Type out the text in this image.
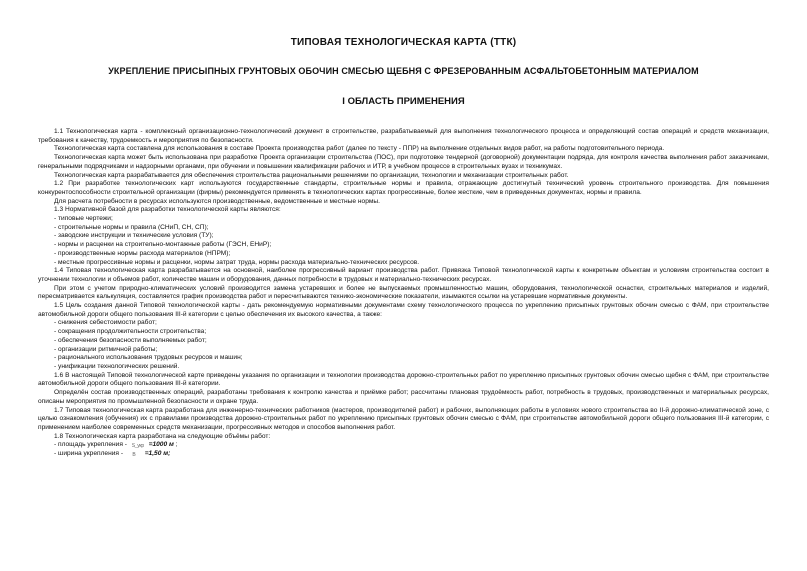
ТИПОВАЯ ТЕХНОЛОГИЧЕСКАЯ КАРТА (ТТК)
УКРЕПЛЕНИЕ ПРИСЫПНЫХ ГРУНТОВЫХ ОБОЧИН СМЕСЬЮ ЩЕБНЯ С ФРЕЗЕРОВАННЫМ АСФАЛЬТОБЕТОННЫМ МАТЕРИАЛОМ
I ОБЛАСТЬ ПРИМЕНЕНИЯ

1.1 Технологическая карта - комплексный организационно-технологический документ в строительстве, разрабатываемый для выполнения технологического процесса и определяющий состав операций и средств механизации, требования к качеству, трудоемкость и мероприятия по безопасности.

Технологическая карта составлена для использования в составе Проекта производства работ (далее по тексту - ППР) на выполнение отдельных видов работ, на работы подготовительного периода.

Технологическая карта может быть использована при разработке Проекта организации строительства (ПОС), при подготовке тендерной (договорной) документации подряда, для контроля качества выполнения работ заказчиками, генеральными подрядчиками и надзорными органами, при обучении и повышении квалификации рабочих и ИТР, в учебном процессе в строительных вузах и техникумах.

Технологическая карта разрабатывается для обеспечения строительства рациональными решениями по организации, технологии и механизации строительных работ.

1.2 При разработке технологических карт используются государственные стандарты, строительные нормы и правила, отражающие достигнутый технический уровень строительного производства. Для повышения конкурентоспособности строительной организации (фирмы) рекомендуется применять в технологических картах прогрессивные, более жесткие, чем в приведенных документах, нормы и правила.

Для расчета потребности в ресурсах используются производственные, ведомственные и местные нормы.

1.3 Нормативной базой для разработки технологической карты являются:

- типовые чертежи;

- строительные нормы и правила (СНиП, СН, СП);

- заводские инструкции и технические условия (ТУ);

- нормы и расценки на строительно-монтажные работы (ГЭСН, ЕНиР);

- производственные нормы расхода материалов (НПРМ);

- местные прогрессивные нормы и расценки, нормы затрат труда, нормы расхода материально-технических ресурсов.

1.4 Типовая технологическая карта разрабатывается на основной, наиболее прогрессивный вариант производства работ. Привязка Типовой технологической карты к конкретным объектам и условиям строительства состоит в уточнении технологии и объемов работ, количестве машин и оборудования, данных потребности в трудовых и материально-технических ресурсах.

При этом с учетом природно-климатических условий производится замена устаревших и более не выпускаемых промышленностью машин, оборудования, технологической оснастки, строительных материалов и изделий, пересматривается калькуляция, составляется график производства работ и пересчитываются технико-экономические показатели, изымаются ссылки на устаревшие нормативные документы.

1.5 Цель создания данной Типовой технологической карты - дать рекомендуемую нормативными документами схему технологического процесса по укреплению присыпных грунтовых обочин смесью с ФАМ, при строительстве автомобильной дороги общего пользования III-й категории с целью обеспечения их высокого качества, а также:

- снижения себестоимости работ;

- сокращения продолжительности строительства;

- обеспечения безопасности выполняемых работ;

- организации ритмичной работы;

- рационального использования трудовых ресурсов и машин;

- унификации технологических решений.

1.6 В настоящей Типовой технологической карте приведены указания по организации и технологии производства дорожно-строительных работ по укреплению присыпных грунтовых обочин смесью щебня с ФАМ, при строительстве автомобильной дороги общего пользования III-й категории.

Определён состав производственных операций, разработаны требования к контролю качества и приёмке работ; рассчитаны плановая трудоёмкость работ, потребность в трудовых, производственных и материальных ресурсах, описаны мероприятия по промышленной безопасности и охране труда.

1.7 Типовая технологическая карта разработана для инженерно-технических работников (мастеров, производителей работ) и рабочих, выполняющих работы в условиях нового строительства во II-й дорожно-климатической зоне, с целью ознакомления (обучения) их с правилами производства дорожно-строительных работ по укреплению присыпных грунтовых обочин смесью с ФАМ, при строительстве автомобильной дороги общего пользования III-й категории, с применением наиболее современных средств механизации, прогрессивных методов и способов выполнения работ.

1.8 Технологическая карта разработана на следующие объёмы работ:

- площадь укрепления - S_укр =1000 м ;

- ширина укрепления - B =1,50 м;
